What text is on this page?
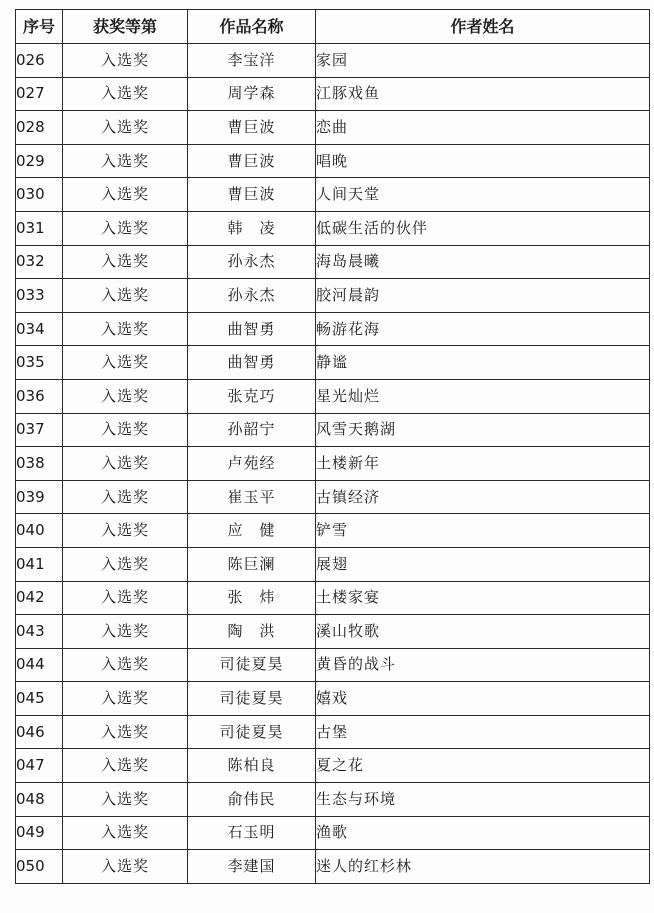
序号	获奖等第	作品名称	作者姓名
026	入选奖	李宝洋	家园
027	入选奖	周学森	江豚戏鱼
028	入选奖	曹巨波	恋曲
029	入选奖	曹巨波	唱晚
030	入选奖	曹巨波	人间天堂
031	入选奖	韩　凌	低碳生活的伙伴
032	入选奖	孙永杰	海岛晨曦
033	入选奖	孙永杰	胶河晨韵
034	入选奖	曲智勇	畅游花海
035	入选奖	曲智勇	静谧
036	入选奖	张克巧	星光灿烂
037	入选奖	孙韶宁	风雪天鹅湖
038	入选奖	卢苑经	土楼新年
039	入选奖	崔玉平	古镇经济
040	入选奖	应　健	铲雪
041	入选奖	陈巨澜	展翅
042	入选奖	张　炜	土楼家宴
043	入选奖	陶　洪	溪山牧歌
044	入选奖	司徒夏昊	黄昏的战斗
045	入选奖	司徒夏昊	嬉戏
046	入选奖	司徒夏昊	古堡
047	入选奖	陈柏良	夏之花
048	入选奖	俞伟民	生态与环境
049	入选奖	石玉明	渔歌
050	入选奖	李建国	迷人的红杉林
